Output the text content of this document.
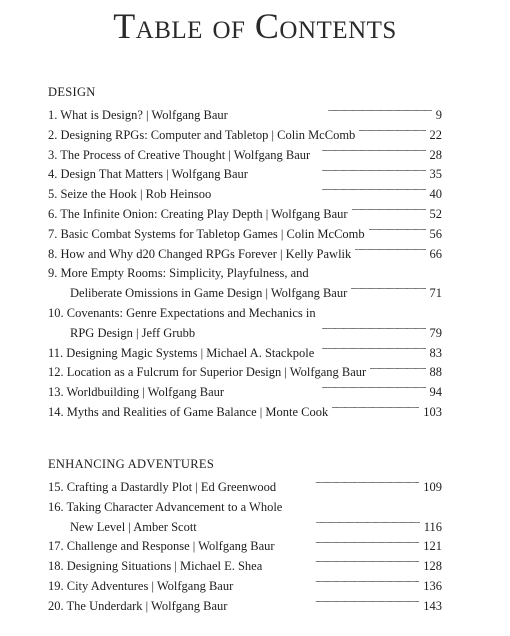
Table of Contents
DESIGN
1. What is Design? | Wolfgang Baur . . .	9
2. Designing RPGs: Computer and Tabletop | Colin McComb . . .	22
3. The Process of Creative Thought | Wolfgang Baur . . .	28
4. Design That Matters | Wolfgang Baur . . .	35
5. Seize the Hook | Rob Heinsoo . . .	40
6. The Infinite Onion: Creating Play Depth | Wolfgang Baur . . .	52
7. Basic Combat Systems for Tabletop Games | Colin McComb . . .	56
8. How and Why d20 Changed RPGs Forever | Kelly Pawlik . . .	66
9. More Empty Rooms: Simplicity, Playfulness, and
Deliberate Omissions in Game Design | Wolfgang Baur . . .	71
10. Covenants: Genre Expectations and Mechanics in
RPG Design | Jeff Grubb . . .	79
11. Designing Magic Systems | Michael A. Stackpole . . .	83
12. Location as a Fulcrum for Superior Design | Wolfgang Baur . . .	88
13. Worldbuilding | Wolfgang Baur . . .	94
14. Myths and Realities of Game Balance | Monte Cook . . .	103
ENHANCING ADVENTURES
15. Crafting a Dastardly Plot | Ed Greenwood . . .	109
16. Taking Character Advancement to a Whole
New Level | Amber Scott . . .	116
17. Challenge and Response | Wolfgang Baur . . .	121
18. Designing Situations | Michael E. Shea . . .	128
19. City Adventures | Wolfgang Baur . . .	136
20. The Underdark | Wolfgang Baur . . .	143
